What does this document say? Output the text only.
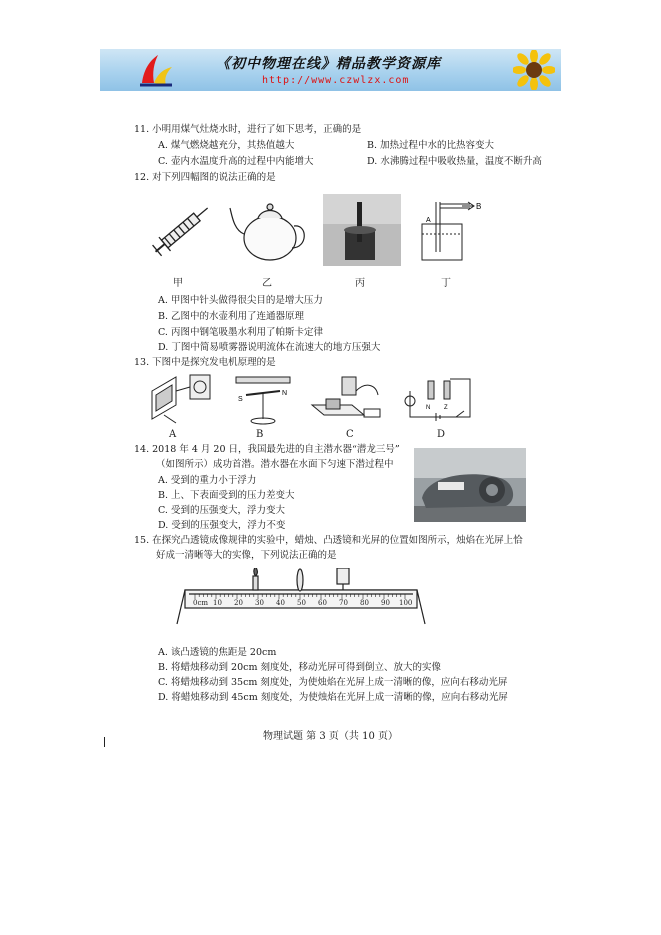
《初中物理在线》精品教学资源库
http://www.czwlzx.com
11. 小明用煤气灶烧水时，进行了如下思考，正确的是
A. 煤气燃烧越充分，其热值越大	B. 加热过程中水的比热容变大
C. 壶内水温度升高的过程中内能增大	D. 水沸腾过程中吸收热量，温度不断升高
12. 对下列四幅图的说法正确的是
甲	乙	丙
B
A
丁
A. 甲图中针头做得很尖目的是增大压力
B. 乙图中的水壶利用了连通器原理
C. 丙图中钢笔吸墨水利用了帕斯卡定律
D. 丁图中简易喷雾器说明流体在流速大的地方压强大
13. 下图中是探究发电机原理的是
A
S
N
B	C
N Z
D
14. 2018 年 4 月 20 日，我国最先进的自主潜水器“潜龙三号”
（如图所示）成功首潜。潜水器在水面下匀速下潜过程中
A. 受到的重力小于浮力
B. 上、下表面受到的压力差变大
C. 受到的压强变大，浮力变大
D. 受到的压强变大，浮力不变
15. 在探究凸透镜成像规律的实验中，蜡烛、凸透镜和光屏的位置如图所示，烛焰在光屏上恰
好成一清晰等大的实像，下列说法正确的是
0cm 10 20 30 40 50 60 70 80 90 100
A. 该凸透镜的焦距是 20cm
B. 将蜡烛移动到 20cm 刻度处，移动光屏可得到倒立、放大的实像
C. 将蜡烛移动到 35cm 刻度处，为使烛焰在光屏上成一清晰的像，应向右移动光屏
D. 将蜡烛移动到 45cm 刻度处，为使烛焰在光屏上成一清晰的像，应向右移动光屏
物理试题 第 3 页（共 10 页）
